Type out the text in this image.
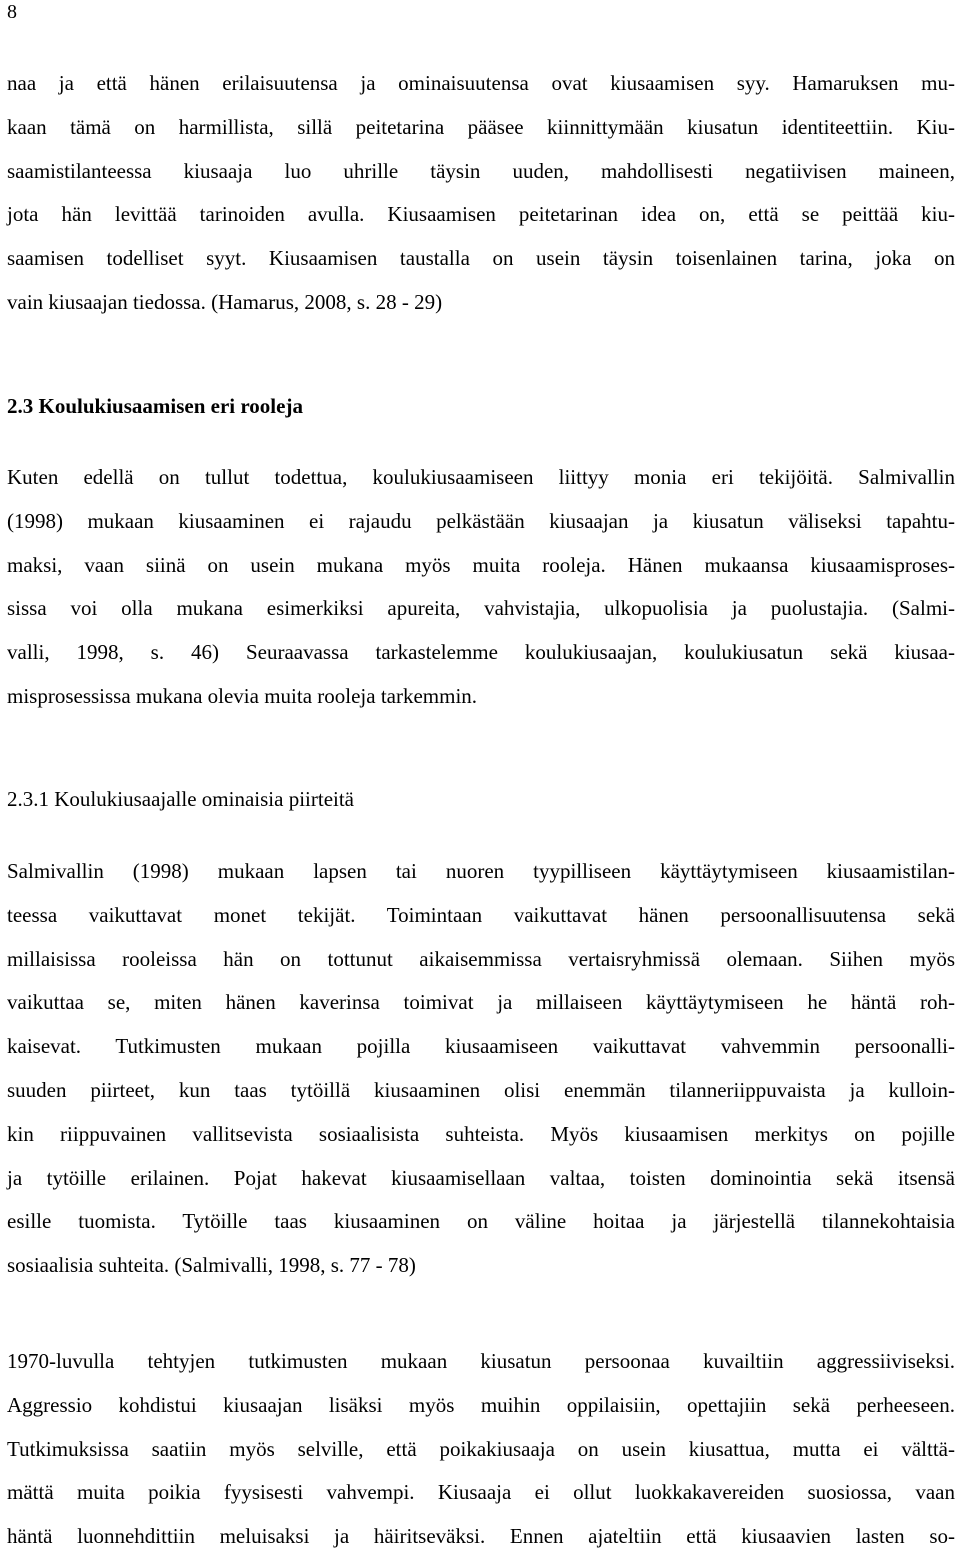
8

naa ja että hänen erilaisuutensa ja ominaisuutensa ovat kiusaamisen syy. Hamaruksen mu-
kaan tämä on harmillista, sillä peitetarina pääsee kiinnittymään kiusatun identiteettiin. Kiu-
saamistilanteessa kiusaaja luo uhrille täysin uuden, mahdollisesti negatiivisen maineen,
jota hän levittää tarinoiden avulla. Kiusaamisen peitetarinan idea on, että se peittää kiu-
saamisen todelliset syyt. Kiusaamisen taustalla on usein täysin toisenlainen tarina, joka on
vain kiusaajan tiedossa. (Hamarus, 2008, s. 28 - 29)

2.3 Koulukiusaamisen eri rooleja

Kuten edellä on tullut todettua, koulukiusaamiseen liittyy monia eri tekijöitä. Salmivallin
(1998) mukaan kiusaaminen ei rajaudu pelkästään kiusaajan ja kiusatun väliseksi tapahtu-
maksi, vaan siinä on usein mukana myös muita rooleja. Hänen mukaansa kiusaamisproses-
sissa voi olla mukana esimerkiksi apureita, vahvistajia, ulkopuolisia ja puolustajia. (Salmi-
valli, 1998, s. 46) Seuraavassa tarkastelemme koulukiusaajan, koulukiusatun sekä kiusaa-
misprosessissa mukana olevia muita rooleja tarkemmin.

2.3.1 Koulukiusaajalle ominaisia piirteitä

Salmivallin (1998) mukaan lapsen tai nuoren tyypilliseen käyttäytymiseen kiusaamistilan-
teessa vaikuttavat monet tekijät. Toimintaan vaikuttavat hänen persoonallisuutensa sekä
millaisissa rooleissa hän on tottunut aikaisemmissa vertaisryhmissä olemaan. Siihen myös
vaikuttaa se, miten hänen kaverinsa toimivat ja millaiseen käyttäytymiseen he häntä roh-
kaisevat. Tutkimusten mukaan pojilla kiusaamiseen vaikuttavat vahvemmin persoonalli-
suuden piirteet, kun taas tytöillä kiusaaminen olisi enemmän tilanneriippuvaista ja kulloin-
kin riippuvainen vallitsevista sosiaalisista suhteista. Myös kiusaamisen merkitys on pojille
ja tytöille erilainen. Pojat hakevat kiusaamisellaan valtaa, toisten dominointia sekä itsensä
esille tuomista. Tytöille taas kiusaaminen on väline hoitaa ja järjestellä tilannekohtaisia
sosiaalisia suhteita. (Salmivalli, 1998, s. 77 - 78)

1970-luvulla tehtyjen tutkimusten mukaan kiusatun persoonaa kuvailtiin aggressiiviseksi.
Aggressio kohdistui kiusaajan lisäksi myös muihin oppilaisiin, opettajiin sekä perheeseen.
Tutkimuksissa saatiin myös selville, että poikakiusaaja on usein kiusattua, mutta ei välttä-
mättä muita poikia fyysisesti vahvempi. Kiusaaja ei ollut luokkakavereiden suosiossa, vaan
häntä luonnehdittiin meluisaksi ja häiritseväksi. Ennen ajateltiin että kiusaavien lasten so-
